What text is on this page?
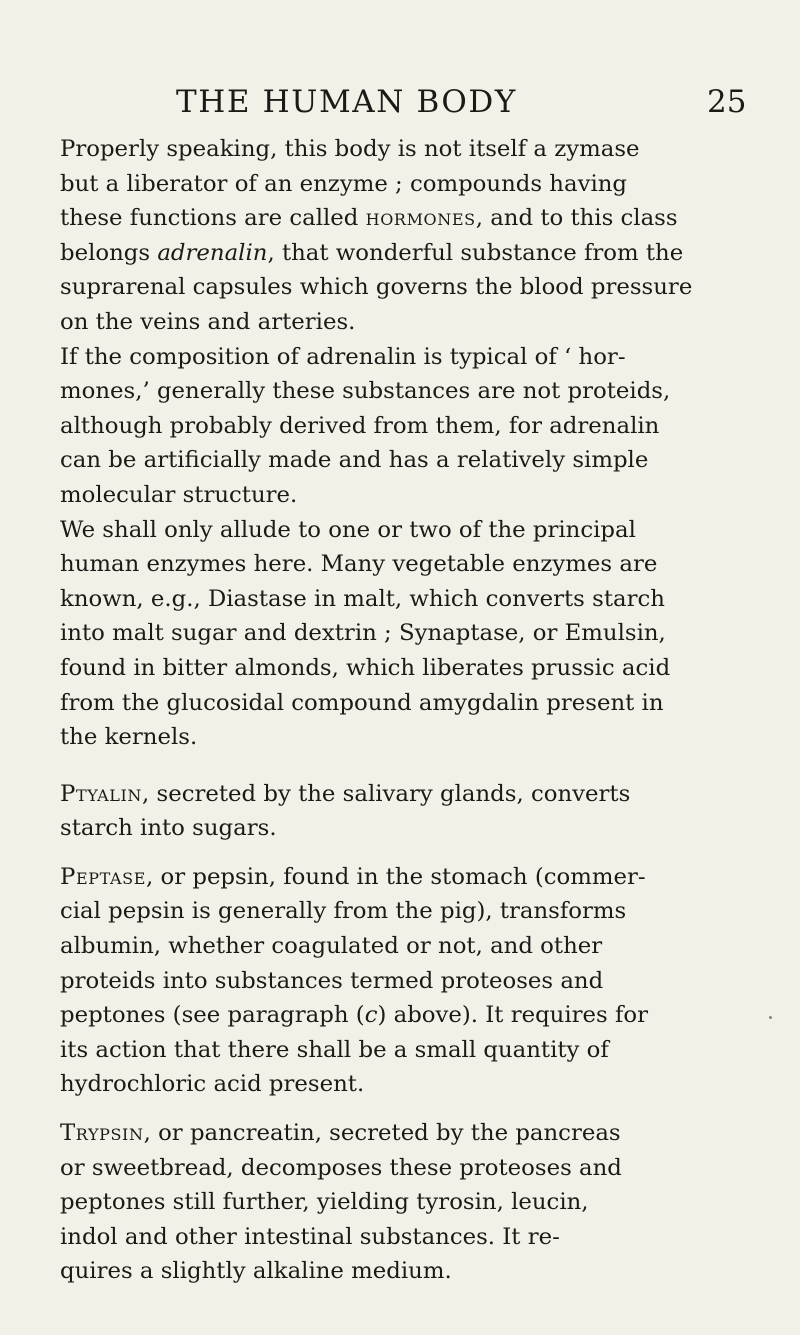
THE HUMAN BODY	25

Properly speaking, this body is not itself a zymase
but a liberator of an enzyme ; compounds having
these functions are called hormones, and to this class
belongs adrenalin, that wonderful substance from the
suprarenal capsules which governs the blood pressure
on the veins and arteries.

If the composition of adrenalin is typical of ‘ hor-
mones,’ generally these substances are not proteids,
although probably derived from them, for adrenalin
can be artificially made and has a relatively simple
molecular structure.

We shall only allude to one or two of the principal
human enzymes here. Many vegetable enzymes are
known, e.g., Diastase in malt, which converts starch
into malt sugar and dextrin ; Synaptase, or Emulsin,
found in bitter almonds, which liberates prussic acid
from the glucosidal compound amygdalin present in
the kernels.

Ptyalin, secreted by the salivary glands, converts
starch into sugars.

Peptase, or pepsin, found in the stomach (commer-
cial pepsin is generally from the pig), transforms
albumin, whether coagulated or not, and other
proteids into substances termed proteoses and
peptones (see paragraph (c) above). It requires for
its action that there shall be a small quantity of
hydrochloric acid present.

Trypsin, or pancreatin, secreted by the pancreas
or sweetbread, decomposes these proteoses and
peptones still further, yielding tyrosin, leucin,
indol and other intestinal substances. It re-
quires a slightly alkaline medium.
